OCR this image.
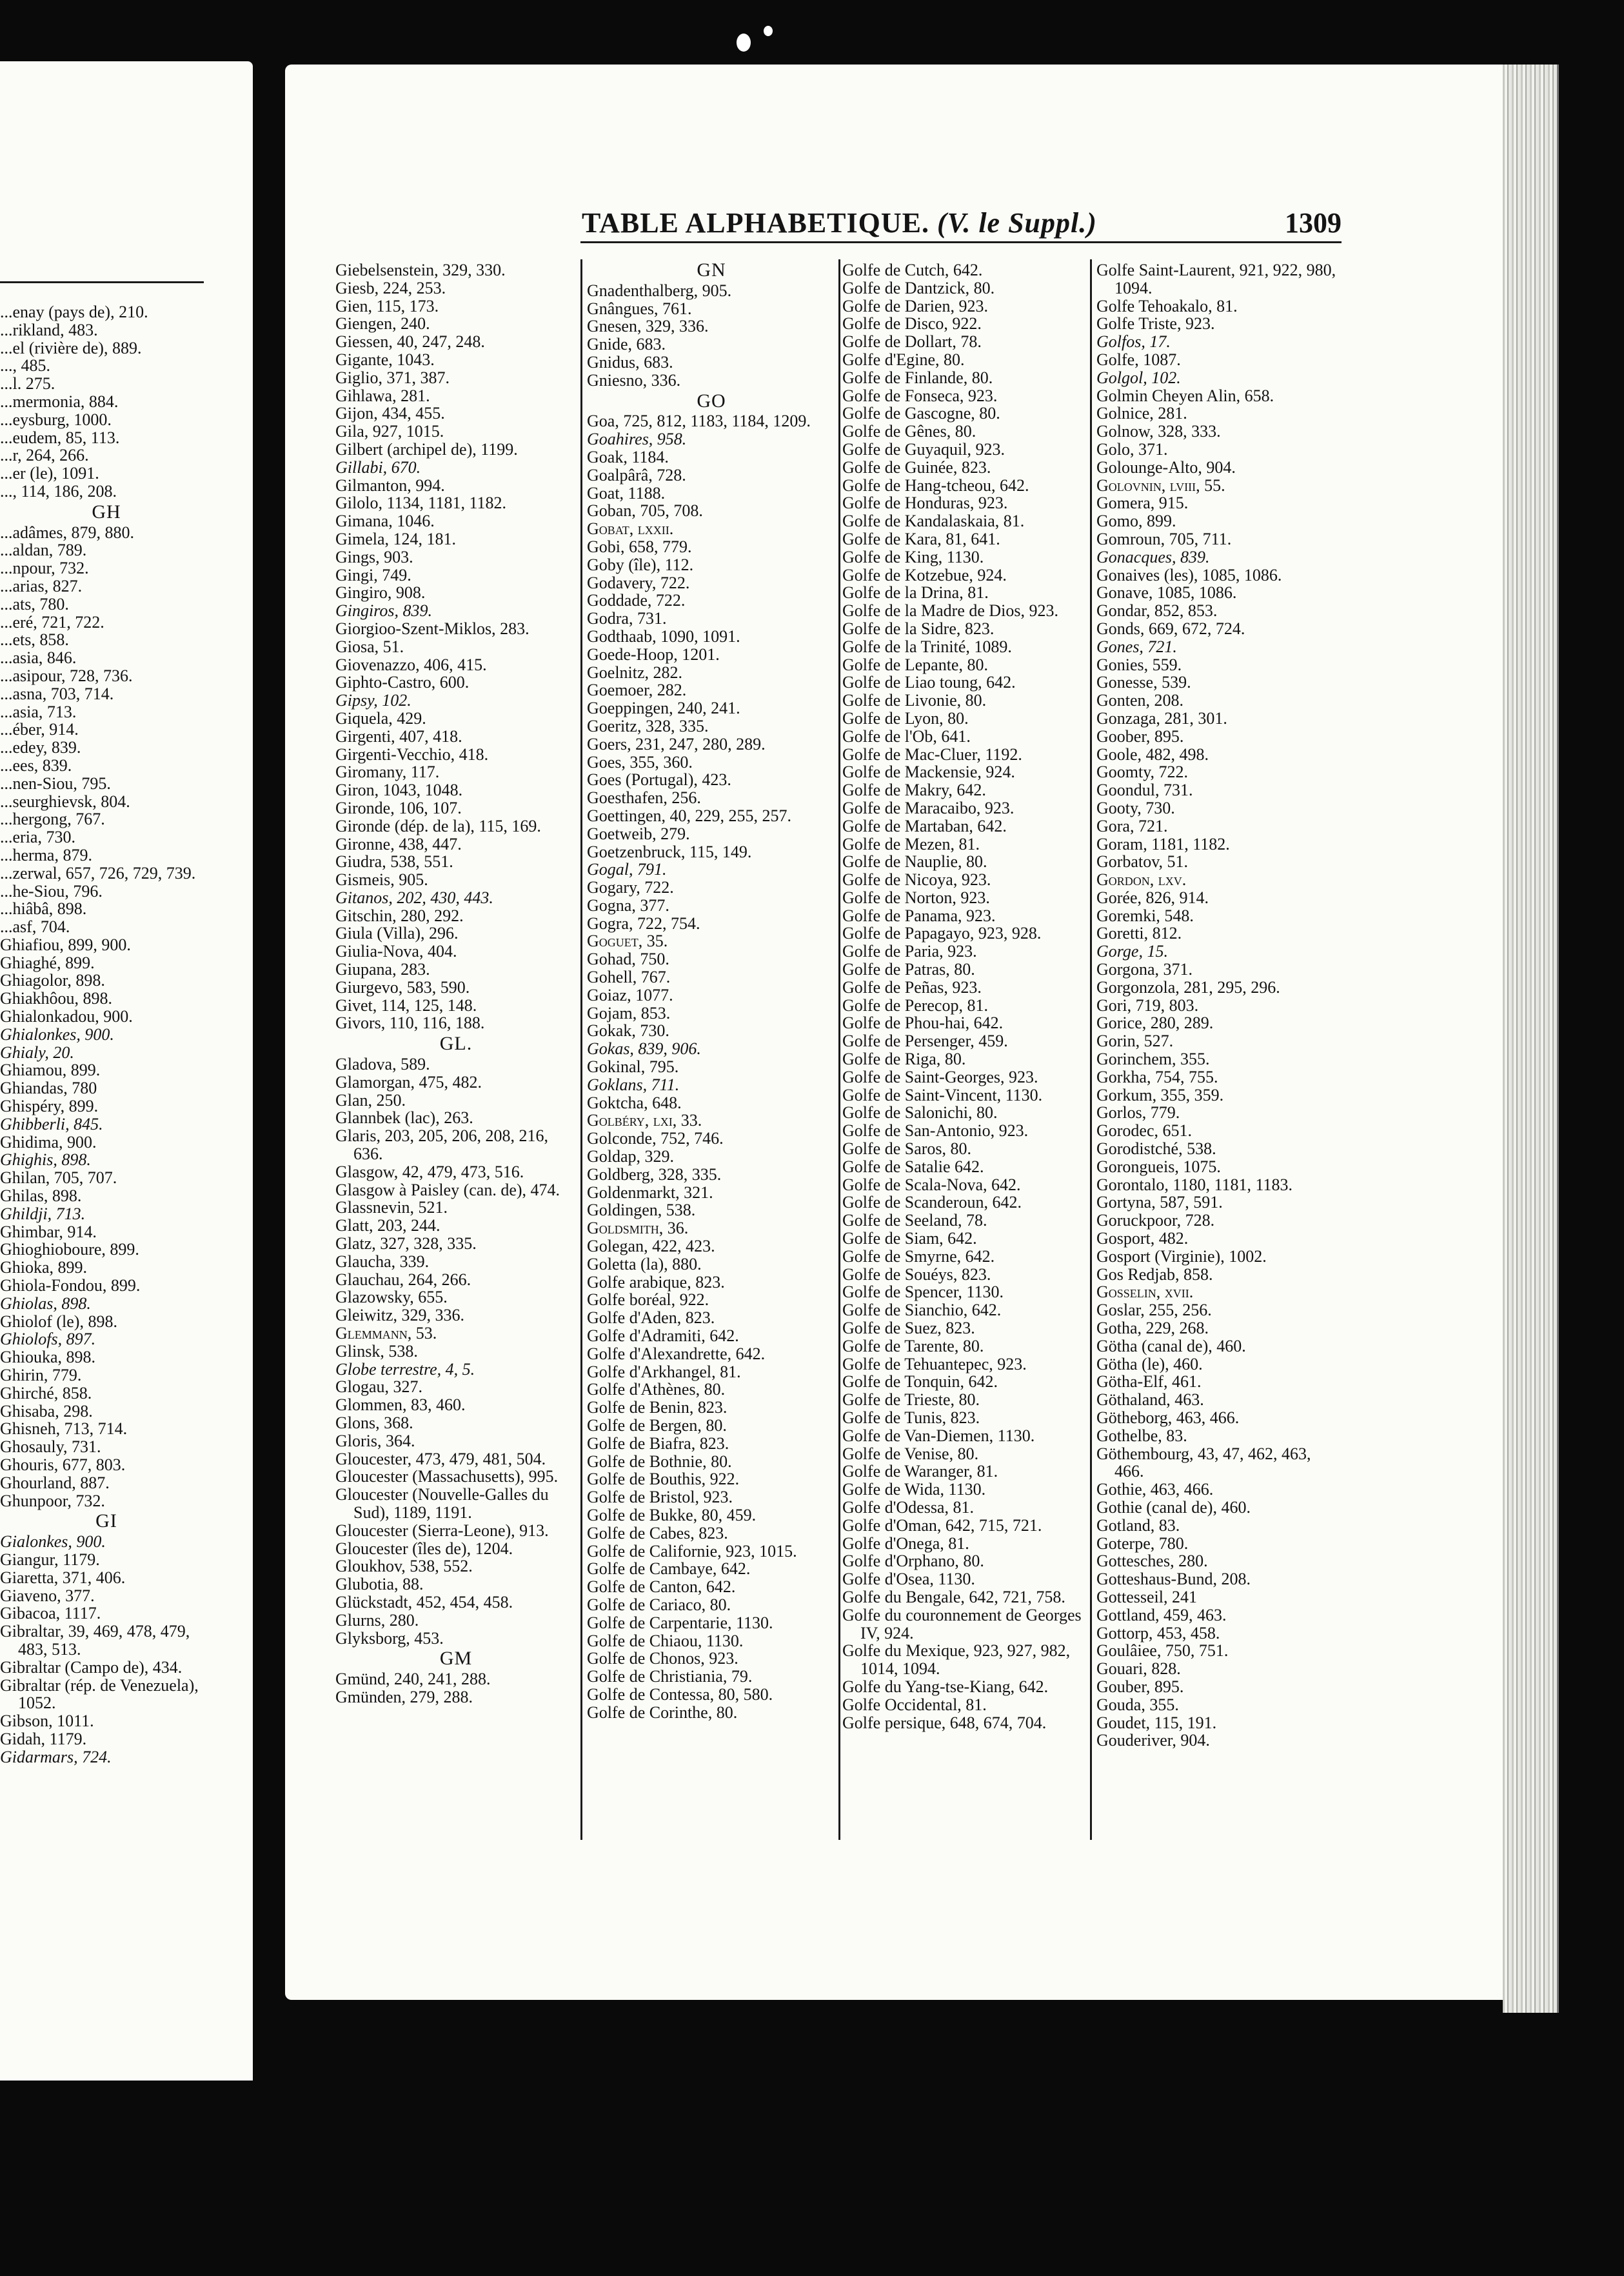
TABLE ALPHABETIQUE. (V. le Suppl.)	1309
...enay (pays de), 210.
...rikland, 483.
...el (rivière de), 889.
..., 485.
...l. 275.
...mermonia, 884.
...eysburg, 1000.
...eudem, 85, 113.
...r, 264, 266.
...er (le), 1091.
..., 114, 186, 208.
GH
...adâmes, 879, 880.
...aldan, 789.
...npour, 732.
...arias, 827.
...ats, 780.
...eré, 721, 722.
...ets, 858.
...asia, 846.
...asipour, 728, 736.
...asna, 703, 714.
...asia, 713.
...éber, 914.
...edey, 839.
...ees, 839.
...nen-Siou, 795.
...seurghievsk, 804.
...hergong, 767.
...eria, 730.
...herma, 879.
...zerwal, 657, 726, 729, 739.
...he-Siou, 796.
...hiâbâ, 898.
...asf, 704.
Ghiafiou, 899, 900.
Ghiaghé, 899.
Ghiagolor, 898.
Ghiakhôou, 898.
Ghialonkadou, 900.
Ghialonkes, 900.
Ghialy, 20.
Ghiamou, 899.
Ghiandas, 780
Ghispéry, 899.
Ghibberli, 845.
Ghidima, 900.
Ghighis, 898.
Ghilan, 705, 707.
Ghilas, 898.
Ghildji, 713.
Ghimbar, 914.
Ghioghioboure, 899.
Ghioka, 899.
Ghiola-Fondou, 899.
Ghiolas, 898.
Ghiolof (le), 898.
Ghiolofs, 897.
Ghiouka, 898.
Ghirin, 779.
Ghirché, 858.
Ghisaba, 298.
Ghisneh, 713, 714.
Ghosauly, 731.
Ghouris, 677, 803.
Ghourland, 887.
Ghunpoor, 732.
GI
Gialonkes, 900.
Giangur, 1179.
Giaretta, 371, 406.
Giaveno, 377.
Gibacoa, 1117.
Gibraltar, 39, 469, 478, 479, 483, 513.
Gibraltar (Campo de), 434.
Gibraltar (rép. de Venezuela), 1052.
Gibson, 1011.
Gidah, 1179.
Gidarmars, 724.
Giebelsenstein, 329, 330.
Giesb, 224, 253.
Gien, 115, 173.
Giengen, 240.
Giessen, 40, 247, 248.
Gigante, 1043.
Giglio, 371, 387.
Gihlawa, 281.
Gijon, 434, 455.
Gila, 927, 1015.
Gilbert (archipel de), 1199.
Gillabi, 670.
Gilmanton, 994.
Gilolo, 1134, 1181, 1182.
Gimana, 1046.
Gimela, 124, 181.
Gings, 903.
Gingi, 749.
Gingiro, 908.
Gingiros, 839.
Giorgioo-Szent-Miklos, 283.
Giosa, 51.
Giovenazzo, 406, 415.
Giphto-Castro, 600.
Gipsy, 102.
Giquela, 429.
Girgenti, 407, 418.
Girgenti-Vecchio, 418.
Giromany, 117.
Giron, 1043, 1048.
Gironde, 106, 107.
Gironde (dép. de la), 115, 169.
Gironne, 438, 447.
Giudra, 538, 551.
Gismeis, 905.
Gitanos, 202, 430, 443.
Gitschin, 280, 292.
Giula (Villa), 296.
Giulia-Nova, 404.
Giupana, 283.
Giurgevo, 583, 590.
Givet, 114, 125, 148.
Givors, 110, 116, 188.
GL.
Gladova, 589.
Glamorgan, 475, 482.
Glan, 250.
Glannbek (lac), 263.
Glaris, 203, 205, 206, 208, 216, 636.
Glasgow, 42, 479, 473, 516.
Glasgow à Paisley (can. de), 474.
Glassnevin, 521.
Glatt, 203, 244.
Glatz, 327, 328, 335.
Glaucha, 339.
Glauchau, 264, 266.
Glazowsky, 655.
Gleiwitz, 329, 336.
Glemmann, 53.
Glinsk, 538.
Globe terrestre, 4, 5.
Glogau, 327.
Glommen, 83, 460.
Glons, 368.
Gloris, 364.
Gloucester, 473, 479, 481, 504.
Gloucester (Massachusetts), 995.
Gloucester (Nouvelle-Galles du Sud), 1189, 1191.
Gloucester (Sierra-Leone), 913.
Gloucester (îles de), 1204.
Gloukhov, 538, 552.
Glubotia, 88.
Glückstadt, 452, 454, 458.
Glurns, 280.
Glyksborg, 453.
GM
Gmünd, 240, 241, 288.
Gmünden, 279, 288.
GN
Gnadenthalberg, 905.
Gnângues, 761.
Gnesen, 329, 336.
Gnide, 683.
Gnidus, 683.
Gniesno, 336.
GO
Goa, 725, 812, 1183, 1184, 1209.
Goahires, 958.
Goak, 1184.
Goalpârâ, 728.
Goat, 1188.
Goban, 705, 708.
Gobat, lxxii.
Gobi, 658, 779.
Goby (île), 112.
Godavery, 722.
Goddade, 722.
Godra, 731.
Godthaab, 1090, 1091.
Goede-Hoop, 1201.
Goelnitz, 282.
Goemoer, 282.
Goeppingen, 240, 241.
Goeritz, 328, 335.
Goers, 231, 247, 280, 289.
Goes, 355, 360.
Goes (Portugal), 423.
Goesthafen, 256.
Goettingen, 40, 229, 255, 257.
Goetweib, 279.
Goetzenbruck, 115, 149.
Gogal, 791.
Gogary, 722.
Gogna, 377.
Gogra, 722, 754.
Goguet, 35.
Gohad, 750.
Gohell, 767.
Goiaz, 1077.
Gojam, 853.
Gokak, 730.
Gokas, 839, 906.
Gokinal, 795.
Goklans, 711.
Goktcha, 648.
Golbéry, lxi, 33.
Golconde, 752, 746.
Goldap, 329.
Goldberg, 328, 335.
Goldenmarkt, 321.
Goldingen, 538.
Goldsmith, 36.
Golegan, 422, 423.
Goletta (la), 880.
Golfe arabique, 823.
Golfe boréal, 922.
Golfe d'Aden, 823.
Golfe d'Adramiti, 642.
Golfe d'Alexandrette, 642.
Golfe d'Arkhangel, 81.
Golfe d'Athènes, 80.
Golfe de Benin, 823.
Golfe de Bergen, 80.
Golfe de Biafra, 823.
Golfe de Bothnie, 80.
Golfe de Bouthis, 922.
Golfe de Bristol, 923.
Golfe de Bukke, 80, 459.
Golfe de Cabes, 823.
Golfe de Californie, 923, 1015.
Golfe de Cambaye, 642.
Golfe de Canton, 642.
Golfe de Cariaco, 80.
Golfe de Carpentarie, 1130.
Golfe de Chiaou, 1130.
Golfe de Chonos, 923.
Golfe de Christiania, 79.
Golfe de Contessa, 80, 580.
Golfe de Corinthe, 80.
Golfe de Cutch, 642.
Golfe de Dantzick, 80.
Golfe de Darien, 923.
Golfe de Disco, 922.
Golfe de Dollart, 78.
Golfe d'Egine, 80.
Golfe de Finlande, 80.
Golfe de Fonseca, 923.
Golfe de Gascogne, 80.
Golfe de Gênes, 80.
Golfe de Guyaquil, 923.
Golfe de Guinée, 823.
Golfe de Hang-tcheou, 642.
Golfe de Honduras, 923.
Golfe de Kandalaskaia, 81.
Golfe de Kara, 81, 641.
Golfe de King, 1130.
Golfe de Kotzebue, 924.
Golfe de la Drina, 81.
Golfe de la Madre de Dios, 923.
Golfe de la Sidre, 823.
Golfe de la Trinité, 1089.
Golfe de Lepante, 80.
Golfe de Liao toung, 642.
Golfe de Livonie, 80.
Golfe de Lyon, 80.
Golfe de l'Ob, 641.
Golfe de Mac-Cluer, 1192.
Golfe de Mackensie, 924.
Golfe de Makry, 642.
Golfe de Maracaibo, 923.
Golfe de Martaban, 642.
Golfe de Mezen, 81.
Golfe de Nauplie, 80.
Golfe de Nicoya, 923.
Golfe de Norton, 923.
Golfe de Panama, 923.
Golfe de Papagayo, 923, 928.
Golfe de Paria, 923.
Golfe de Patras, 80.
Golfe de Peñas, 923.
Golfe de Perecop, 81.
Golfe de Phou-hai, 642.
Golfe de Persenger, 459.
Golfe de Riga, 80.
Golfe de Saint-Georges, 923.
Golfe de Saint-Vincent, 1130.
Golfe de Salonichi, 80.
Golfe de San-Antonio, 923.
Golfe de Saros, 80.
Golfe de Satalie 642.
Golfe de Scala-Nova, 642.
Golfe de Scanderoun, 642.
Golfe de Seeland, 78.
Golfe de Siam, 642.
Golfe de Smyrne, 642.
Golfe de Souéys, 823.
Golfe de Spencer, 1130.
Golfe de Sianchio, 642.
Golfe de Suez, 823.
Golfe de Tarente, 80.
Golfe de Tehuantepec, 923.
Golfe de Tonquin, 642.
Golfe de Trieste, 80.
Golfe de Tunis, 823.
Golfe de Van-Diemen, 1130.
Golfe de Venise, 80.
Golfe de Waranger, 81.
Golfe de Wida, 1130.
Golfe d'Odessa, 81.
Golfe d'Oman, 642, 715, 721.
Golfe d'Onega, 81.
Golfe d'Orphano, 80.
Golfe d'Osea, 1130.
Golfe du Bengale, 642, 721, 758.
Golfe du couronnement de Georges IV, 924.
Golfe du Mexique, 923, 927, 982, 1014, 1094.
Golfe du Yang-tse-Kiang, 642.
Golfe Occidental, 81.
Golfe persique, 648, 674, 704.
Golfe Saint-Laurent, 921, 922, 980, 1094.
Golfe Tehoakalo, 81.
Golfe Triste, 923.
Golfos, 17.
Golfe, 1087.
Golgol, 102.
Golmin Cheyen Alin, 658.
Golnice, 281.
Golnow, 328, 333.
Golo, 371.
Golounge-Alto, 904.
Golovnin, lviii, 55.
Gomera, 915.
Gomo, 899.
Gomroun, 705, 711.
Gonacques, 839.
Gonaives (les), 1085, 1086.
Gonave, 1085, 1086.
Gondar, 852, 853.
Gonds, 669, 672, 724.
Gones, 721.
Gonies, 559.
Gonesse, 539.
Gonten, 208.
Gonzaga, 281, 301.
Goober, 895.
Goole, 482, 498.
Goomty, 722.
Goondul, 731.
Gooty, 730.
Gora, 721.
Goram, 1181, 1182.
Gorbatov, 51.
Gordon, lxv.
Gorée, 826, 914.
Goremki, 548.
Goretti, 812.
Gorge, 15.
Gorgona, 371.
Gorgonzola, 281, 295, 296.
Gori, 719, 803.
Gorice, 280, 289.
Gorin, 527.
Gorinchem, 355.
Gorkha, 754, 755.
Gorkum, 355, 359.
Gorlos, 779.
Gorodec, 651.
Gorodistché, 538.
Gorongueis, 1075.
Gorontalo, 1180, 1181, 1183.
Gortyna, 587, 591.
Goruckpoor, 728.
Gosport, 482.
Gosport (Virginie), 1002.
Gos Redjab, 858.
Gosselin, xvii.
Goslar, 255, 256.
Gotha, 229, 268.
Götha (canal de), 460.
Götha (le), 460.
Götha-Elf, 461.
Göthaland, 463.
Götheborg, 463, 466.
Gothelbe, 83.
Göthembourg, 43, 47, 462, 463, 466.
Gothie, 463, 466.
Gothie (canal de), 460.
Gotland, 83.
Goterpe, 780.
Gottesches, 280.
Gotteshaus-Bund, 208.
Gottesseil, 241
Gottland, 459, 463.
Gottorp, 453, 458.
Goulâiee, 750, 751.
Gouari, 828.
Gouber, 895.
Gouda, 355.
Goudet, 115, 191.
Gouderiver, 904.
